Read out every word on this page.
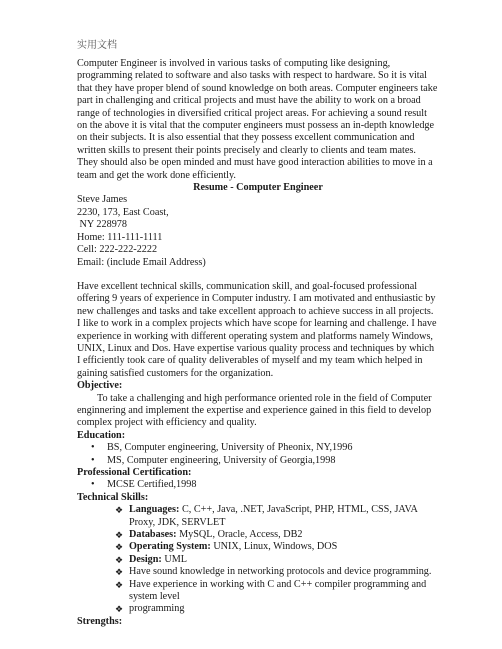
实用文档

Computer Engineer is involved in various tasks of computing like designing, programming related to software and also tasks with respect to hardware. So it is vital that they have proper blend of sound knowledge on both areas. Computer engineers take part in challenging and critical projects and must have the ability to work on a broad range of technologies in diversified critical project areas. For achieving a sound result on the above it is vital that the computer engineers must possess an in-depth knowledge on their subjects. It is also essential that they possess excellent communication and written skills to present their points precisely and clearly to clients and team mates. They should also be open minded and must have good interaction abilities to move in a team and get the work done efficiently.

Resume - Computer Engineer
Steve James
2230, 173, East Coast,
NY 228978
Home: 111-111-1111
Cell: 222-222-2222
Email: (include Email Address)

Have excellent technical skills, communication skill, and goal-focused professional offering 9 years of experience in Computer industry. I am motivated and enthusiastic by new challenges and tasks and take excellent approach to achieve success in all projects. I like to work in a complex projects which have scope for learning and challenge. I have experience in working with different operating system and platforms namely Windows, UNIX, Linux and Dos. Have expertise various quality process and techniques by which I efficiently took care of quality deliverables of myself and my team which helped in gaining satisfied customers for the organization.

Objective:

To take a challenging and high performance oriented role in the field of Computer enginnering and implement the expertise and experience gained in this field to develop complex project with efficiency and quality.

Education:
• BS, Computer engineering, University of Pheonix, NY,1996
• MS, Computer engineering, University of Georgia,1998
Professional Certification:
• MCSE Certified,1998
Technical Skills:
❖ Languages: C, C++, Java, .NET, JavaScript, PHP, HTML, CSS, JAVA Proxy, JDK, SERVLET
❖ Databases: MySQL, Oracle, Access, DB2
❖ Operating System: UNIX, Linux, Windows, DOS
❖ Design: UML
❖ Have sound knowledge in networking protocols and device programming.
❖ Have experience in working with C and C++ compiler programming and system level
❖ programming
Strengths:
